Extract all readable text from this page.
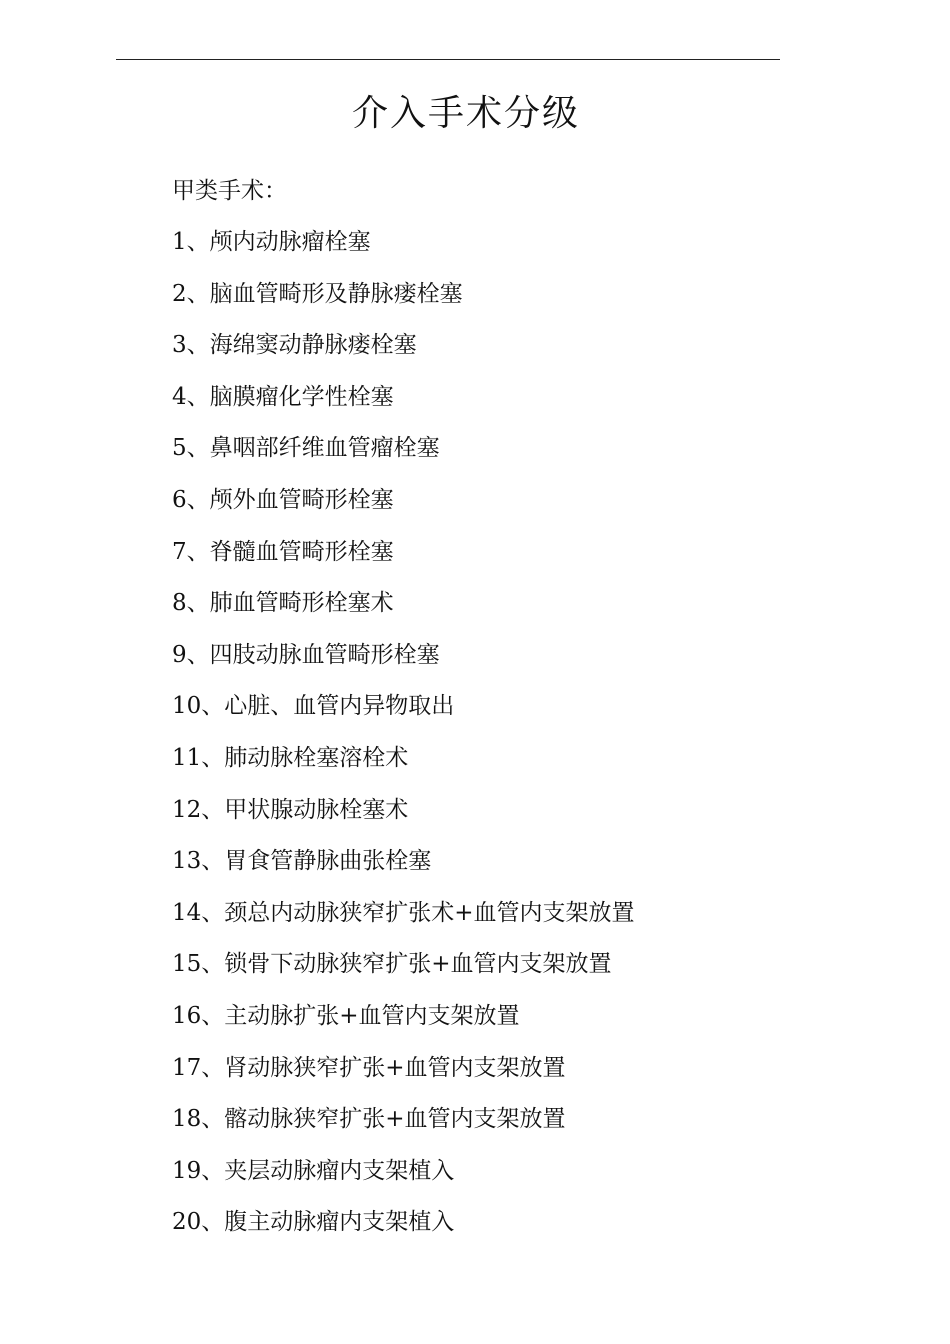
介入手术分级
甲类手术：
1、颅内动脉瘤栓塞
2、脑血管畸形及静脉瘘栓塞
3、海绵窦动静脉瘘栓塞
4、脑膜瘤化学性栓塞
5、鼻咽部纤维血管瘤栓塞
6、颅外血管畸形栓塞
7、脊髓血管畸形栓塞
8、肺血管畸形栓塞术
9、四肢动脉血管畸形栓塞
10、心脏、血管内异物取出
11、肺动脉栓塞溶栓术
12、甲状腺动脉栓塞术
13、胃食管静脉曲张栓塞
14、颈总内动脉狭窄扩张术+血管内支架放置
15、锁骨下动脉狭窄扩张+血管内支架放置
16、主动脉扩张+血管内支架放置
17、肾动脉狭窄扩张+血管内支架放置
18、髂动脉狭窄扩张+血管内支架放置
19、夹层动脉瘤内支架植入
20、腹主动脉瘤内支架植入
